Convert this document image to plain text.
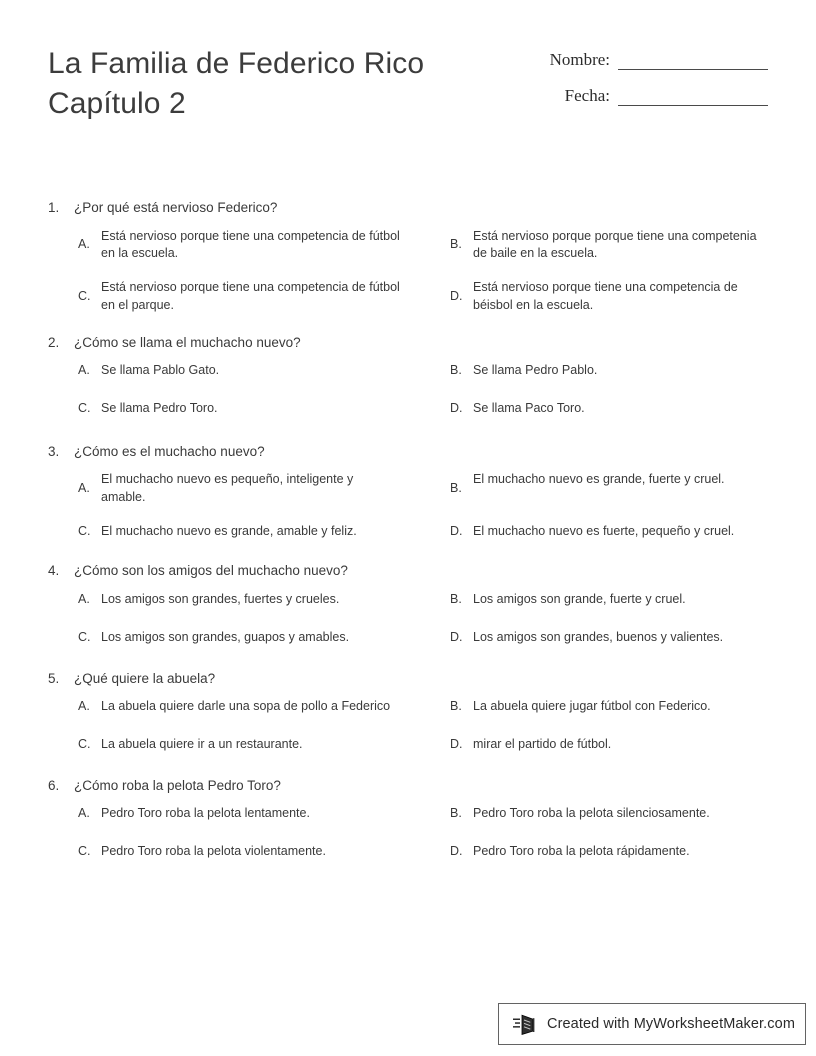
La Familia de Federico Rico
Capítulo 2
Nombre:
Fecha:
1.	¿Por qué está nervioso Federico?
A.
Está nervioso porque tiene una competencia de fútbol en la escuela.
B.
Está nervioso porque porque tiene una competenia de baile en la escuela.
C.
Está nervioso porque tiene una competencia de fútbol en el parque.
D.
Está nervioso porque tiene una competencia de béisbol en la escuela.
2.	¿Cómo se llama el muchacho nuevo?
A. Se llama Pablo Gato.	B. Se llama Pedro Pablo.
C. Se llama Pedro Toro.	D. Se llama Paco Toro.
3.	¿Cómo es el muchacho nuevo?
A.
El muchacho nuevo es pequeño, inteligente y amable.
B.
El muchacho nuevo es grande, fuerte y cruel.
C. El muchacho nuevo es grande, amable y feliz.	D. El muchacho nuevo es fuerte, pequeño y cruel.
4.	¿Cómo son los amigos del muchacho nuevo?
A. Los amigos son grandes, fuertes y crueles.	B. Los amigos son grande, fuerte y cruel.
C. Los amigos son grandes, guapos y amables.	D. Los amigos son grandes, buenos y valientes.
5.	¿Qué quiere la abuela?
A. La abuela quiere darle una sopa de pollo a Federico	B. La abuela quiere jugar fútbol con Federico.
C. La abuela quiere ir a un restaurante.	D. mirar el partido de fútbol.
6.	¿Cómo roba la pelota Pedro Toro?
A. Pedro Toro roba la pelota lentamente.	B. Pedro Toro roba la pelota silenciosamente.
C. Pedro Toro roba la pelota violentamente.	D. Pedro Toro roba la pelota rápidamente.
Created with MyWorksheetMaker.com
